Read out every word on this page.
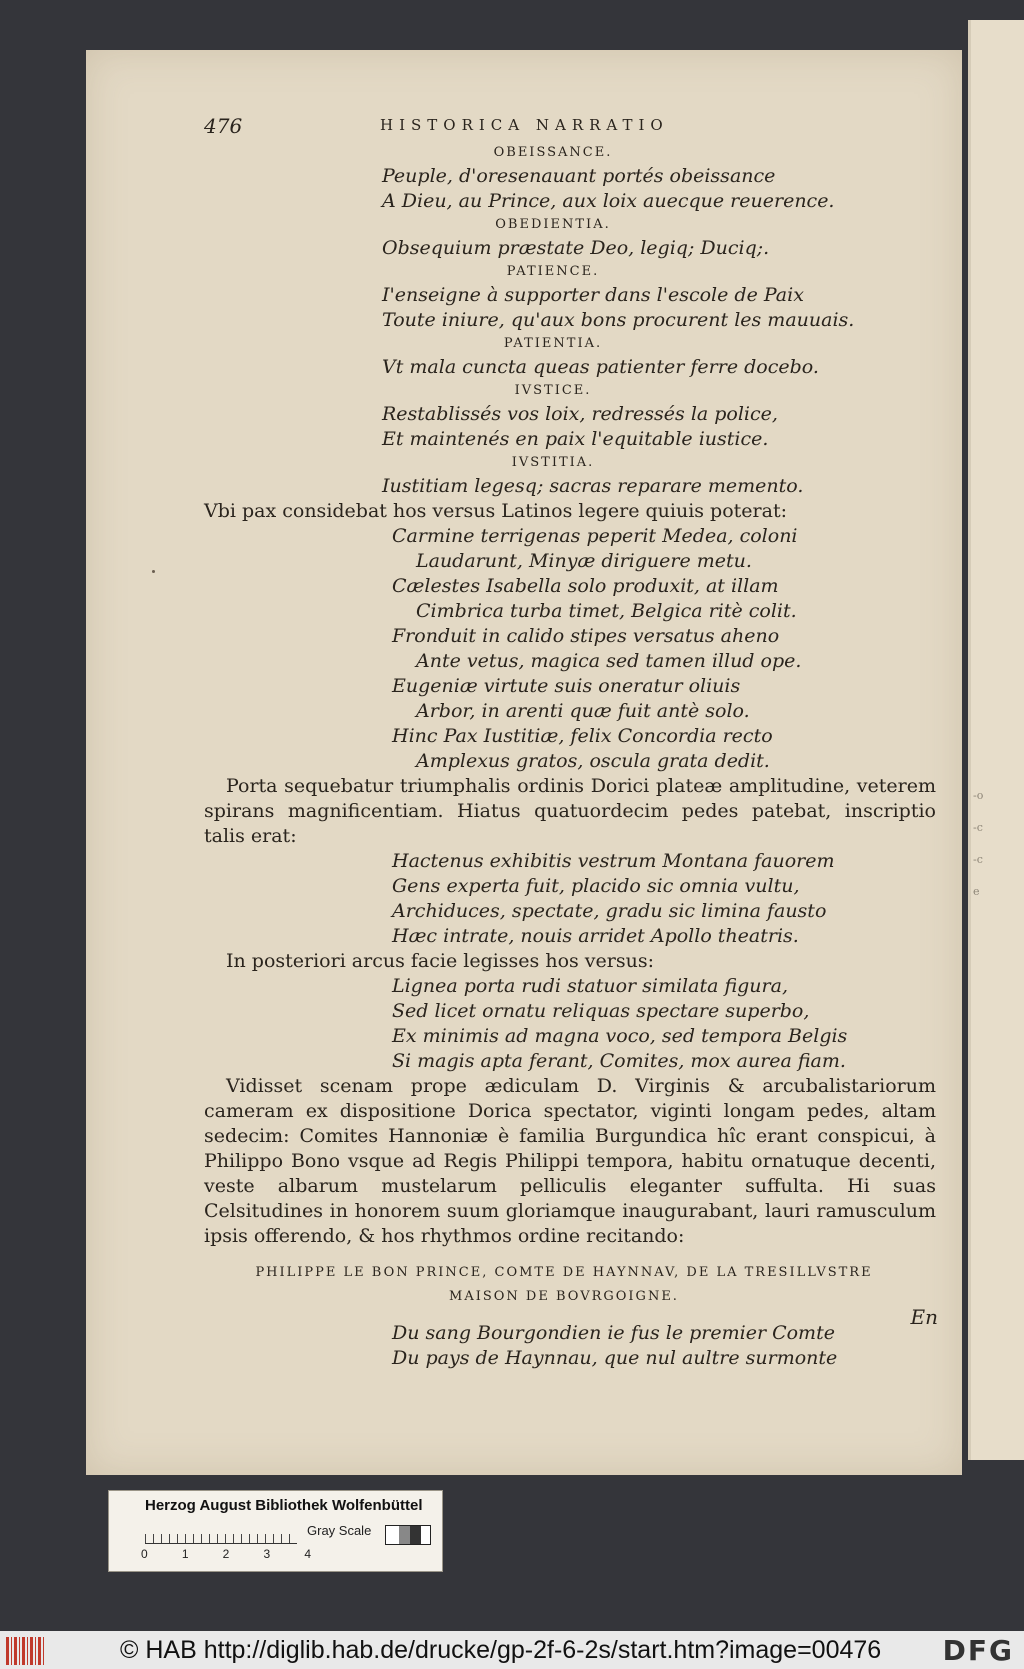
-o
-c
-c
e
476	HISTORICA NARRATIO
OBEISSANCE.
Peuple, d'oresenauant portés obeissance
A Dieu, au Prince, aux loix auecque reuerence.
OBEDIENTIA.
Obsequium præstate Deo, legiq; Duciq;.
PATIENCE.
I'enseigne à supporter dans l'escole de Paix
Toute iniure, qu'aux bons procurent les mauuais.
PATIENTIA.
Vt mala cuncta queas patienter ferre docebo.
IVSTICE.
Restablissés vos loix, redressés la police,
Et maintenés en paix l'equitable iustice.
IVSTITIA.
Iustitiam legesq; sacras reparare memento.
Vbi pax considebat hos versus Latinos legere quiuis poterat:
Carmine terrigenas peperit Medea, coloni
Laudarunt, Minyæ diriguere metu.
Cælestes Isabella solo produxit, at illam
Cimbrica turba timet, Belgica ritè colit.
Fronduit in calido stipes versatus aheno
Ante vetus, magica sed tamen illud ope.
Eugeniæ virtute suis oneratur oliuis
Arbor, in arenti quæ fuit antè solo.
Hinc Pax Iustitiæ, felix Concordia recto
Amplexus gratos, oscula grata dedit.
Porta sequebatur triumphalis ordinis Dorici plateæ amplitudine, veterem spirans magnificentiam. Hiatus quatuordecim pedes patebat, inscriptio talis erat:
Hactenus exhibitis vestrum Montana fauorem
Gens experta fuit, placido sic omnia vultu,
Archiduces, spectate, gradu sic limina fausto
Hæc intrate, nouis arridet Apollo theatris.
In posteriori arcus facie legisses hos versus:
Lignea porta rudi statuor similata figura,
Sed licet ornatu reliquas spectare superbo,
Ex minimis ad magna voco, sed tempora Belgis
Si magis apta ferant, Comites, mox aurea fiam.
Vidisset scenam prope ædiculam D. Virginis & arcubalistariorum cameram ex dispositione Dorica spectator, viginti longam pedes, altam sedecim: Comites Hannoniæ è familia Burgundica hîc erant conspicui, à Philippo Bono vsque ad Regis Philippi tempora, habitu ornatuque decenti, veste albarum mustelarum pelliculis eleganter suffulta. Hi suas Celsitudines in honorem suum gloriamque inaugurabant, lauri ramusculum ipsis offerendo, & hos rhythmos ordine recitando:
PHILIPPE LE BON PRINCE, COMTE DE HAYNNAV, DE LA TRESILLVSTRE MAISON DE BOVRGOIGNE.
Du sang Bourgondien ie fus le premier Comte
Du pays de Haynnau, que nul aultre surmonte
En
Herzog August Bibliothek Wolfenbüttel
0	1	2	3	4
Gray Scale
© HAB http://diglib.hab.de/drucke/gp-2f-6-2s/start.htm?image=00476 DFG
